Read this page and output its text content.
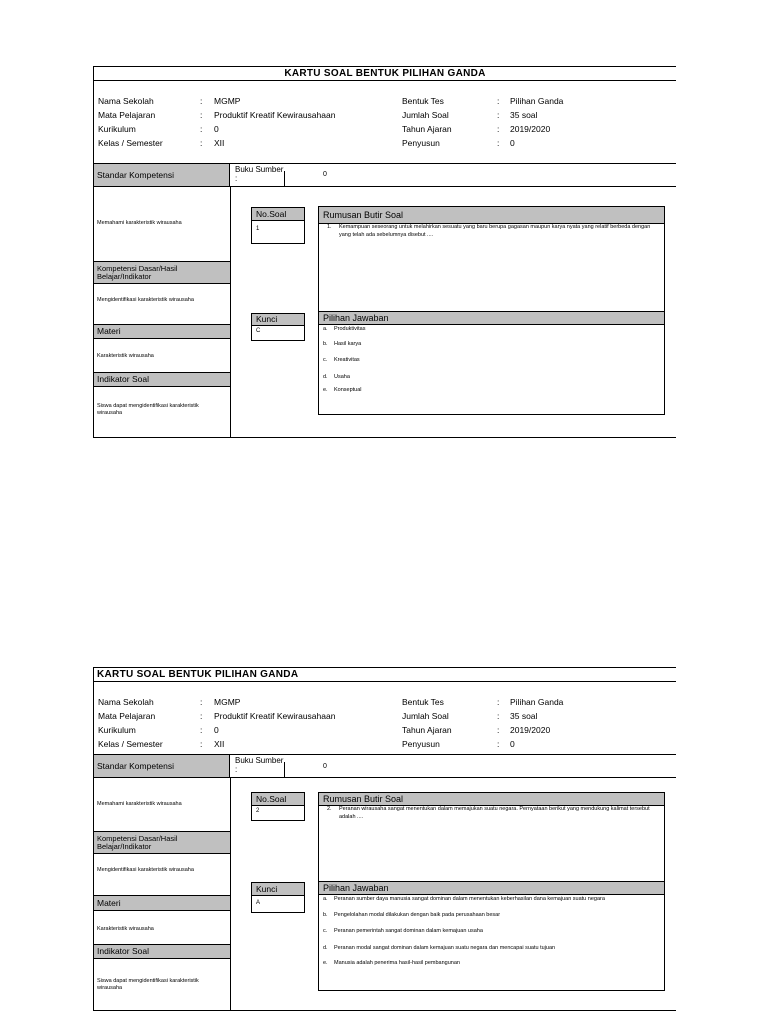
KARTU SOAL BENTUK PILIHAN GANDA
Nama Sekolah	: MGMP
Mata Pelajaran	: Produktif Kreatif Kewirausahaan
Kurikulum	: 0
Kelas / Semester	: XII
Bentuk Tes	: Pilihan Ganda
Jumlah Soal	: 35 soal
Tahun Ajaran	: 2019/2020
Penyusun	: 0
Standar Kompetensi
Buku Sumber :	0
Memahami karakteristik wirausaha
Kompetensi Dasar/Hasil Belajar/Indikator
Mengidentifikasi karakteristik wirausaha
Materi
Karakteristik wirausaha
Indikator Soal
Siswa dapat mengidentifikasi karakteristik wirausaha
No.Soal
1
Kunci
C
Rumusan Butir Soal
1. Kemampuan seseorang untuk melahirkan sesuatu yang baru berupa gagasan maupun karya nyata yang relatif berbeda dengan yang telah ada sebelumnya disebut ....
Pilihan Jawaban
a. Produktivitas
b. Hasil karya
c. Kreativitas
d. Usaha
e. Konseptual
KARTU SOAL BENTUK PILIHAN GANDA
Nama Sekolah	: MGMP
Mata Pelajaran	: Produktif Kreatif Kewirausahaan
Kurikulum	: 0
Kelas / Semester	: XII
Bentuk Tes	: Pilihan Ganda
Jumlah Soal	: 35 soal
Tahun Ajaran	: 2019/2020
Penyusun	: 0
Standar Kompetensi
Buku Sumber :	0
Memahami karakteristik wirausaha
Kompetensi Dasar/Hasil Belajar/Indikator
Mengidentifikasi karakteristik wirausaha
Materi
Karakteristik wirausaha
Indikator Soal
Siswa dapat mengidentifikasi karakteristik wirausaha
No.Soal
2
Kunci
A
Rumusan Butir Soal
2. Peranan wirausaha sangat menentukan dalam memajukan suatu negara. Pernyataan berikut yang mendukung kalimat tersebut adalah ....
Pilihan Jawaban
a. Peranan sumber daya manusia sangat dominan dalam menentukan keberhasilan dana kemajuan suatu negara
b. Pengelolahan modal dilakukan dengan baik pada perusahaan besar
c. Peranan pemerintah sangat dominan dalam kemajuan usaha
d. Peranan modal sangat dominan dalam kemajuan suatu negara dan mencapai suatu tujuan
e. Manusia adalah penerima hasil-hasil pembangunan
